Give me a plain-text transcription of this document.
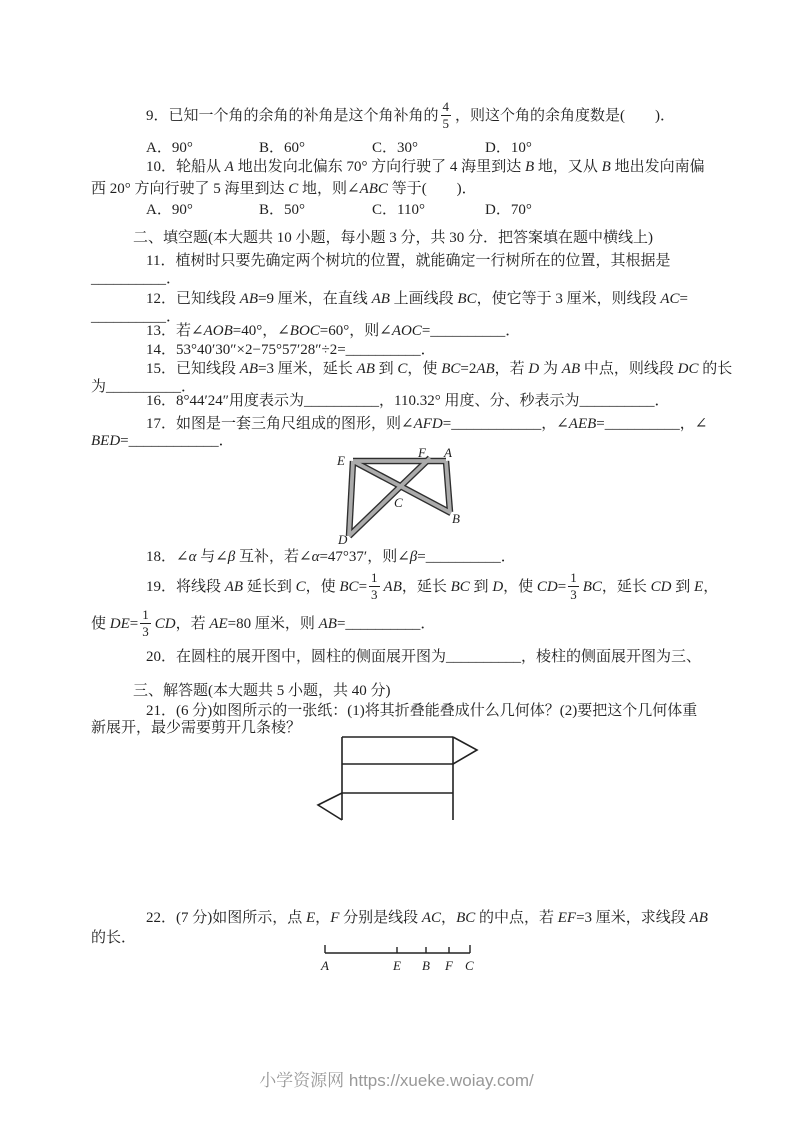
9．已知一个角的余角的补角是这个角补角的 $\frac{4}{5}$ ，则这个角的余角度数是(　　)．
A．90°	B．60°	C．30°	D．10°
10．轮船从 A 地出发向北偏东 70° 方向行驶了 4 海里到达 B 地，又从 B 地出发向南偏
西 20° 方向行驶了 5 海里到达 C 地，则∠ABC 等于(　　)．
A．90°	B．50°	C．110°	D．70°
二、填空题(本大题共 10 小题，每小题 3 分，共 30 分．把答案填在题中横线上)
11．植树时只要先确定两个树坑的位置，就能确定一行树所在的位置，其根据是
__________．
12．已知线段 AB=9 厘米，在直线 AB 上画线段 BC，使它等于 3 厘米，则线段 AC=
__________．
13．若∠AOB=40°，∠BOC=60°，则∠AOC=__________．
14．53°40′30″×2−75°57′28″÷2=__________．
15．已知线段 AB=3 厘米，延长 AB 到 C，使 BC=2AB，若 D 为 AB 中点，则线段 DC 的长
为__________．
16．8°44′24″用度表示为__________，110.32° 用度、分、秒表示为__________．
17．如图是一套三角尺组成的图形，则∠AFD=____________，∠AEB=__________，∠
BED=____________．
E
F A
C
B
D
18．∠α 与∠β 互补，若∠α=47°37′，则∠β=__________．
19．将线段 AB 延长到 C，使 $BC= \frac{1}{3}$ AB，延长 BC 到 D，使 $CD= \frac{1}{3}$ BC，延长 CD 到 E，
使 $DE= \frac{1}{3}$ CD，若 AE=80 厘米，则 AB=__________．
20．在圆柱的展开图中，圆柱的侧面展开图为__________，棱柱的侧面展开图为三、
三、解答题(本大题共 5 小题，共 40 分)
21．(6 分)如图所示的一张纸：(1)将其折叠能叠成什么几何体？(2)要把这个几何体重
新展开，最少需要剪开几条棱？
22．(7 分)如图所示，点 E，F 分别是线段 AC，BC 的中点，若 EF=3 厘米，求线段 AB
的长．
A	E B F C
小学资源网 https://xueke.woiay.com/
